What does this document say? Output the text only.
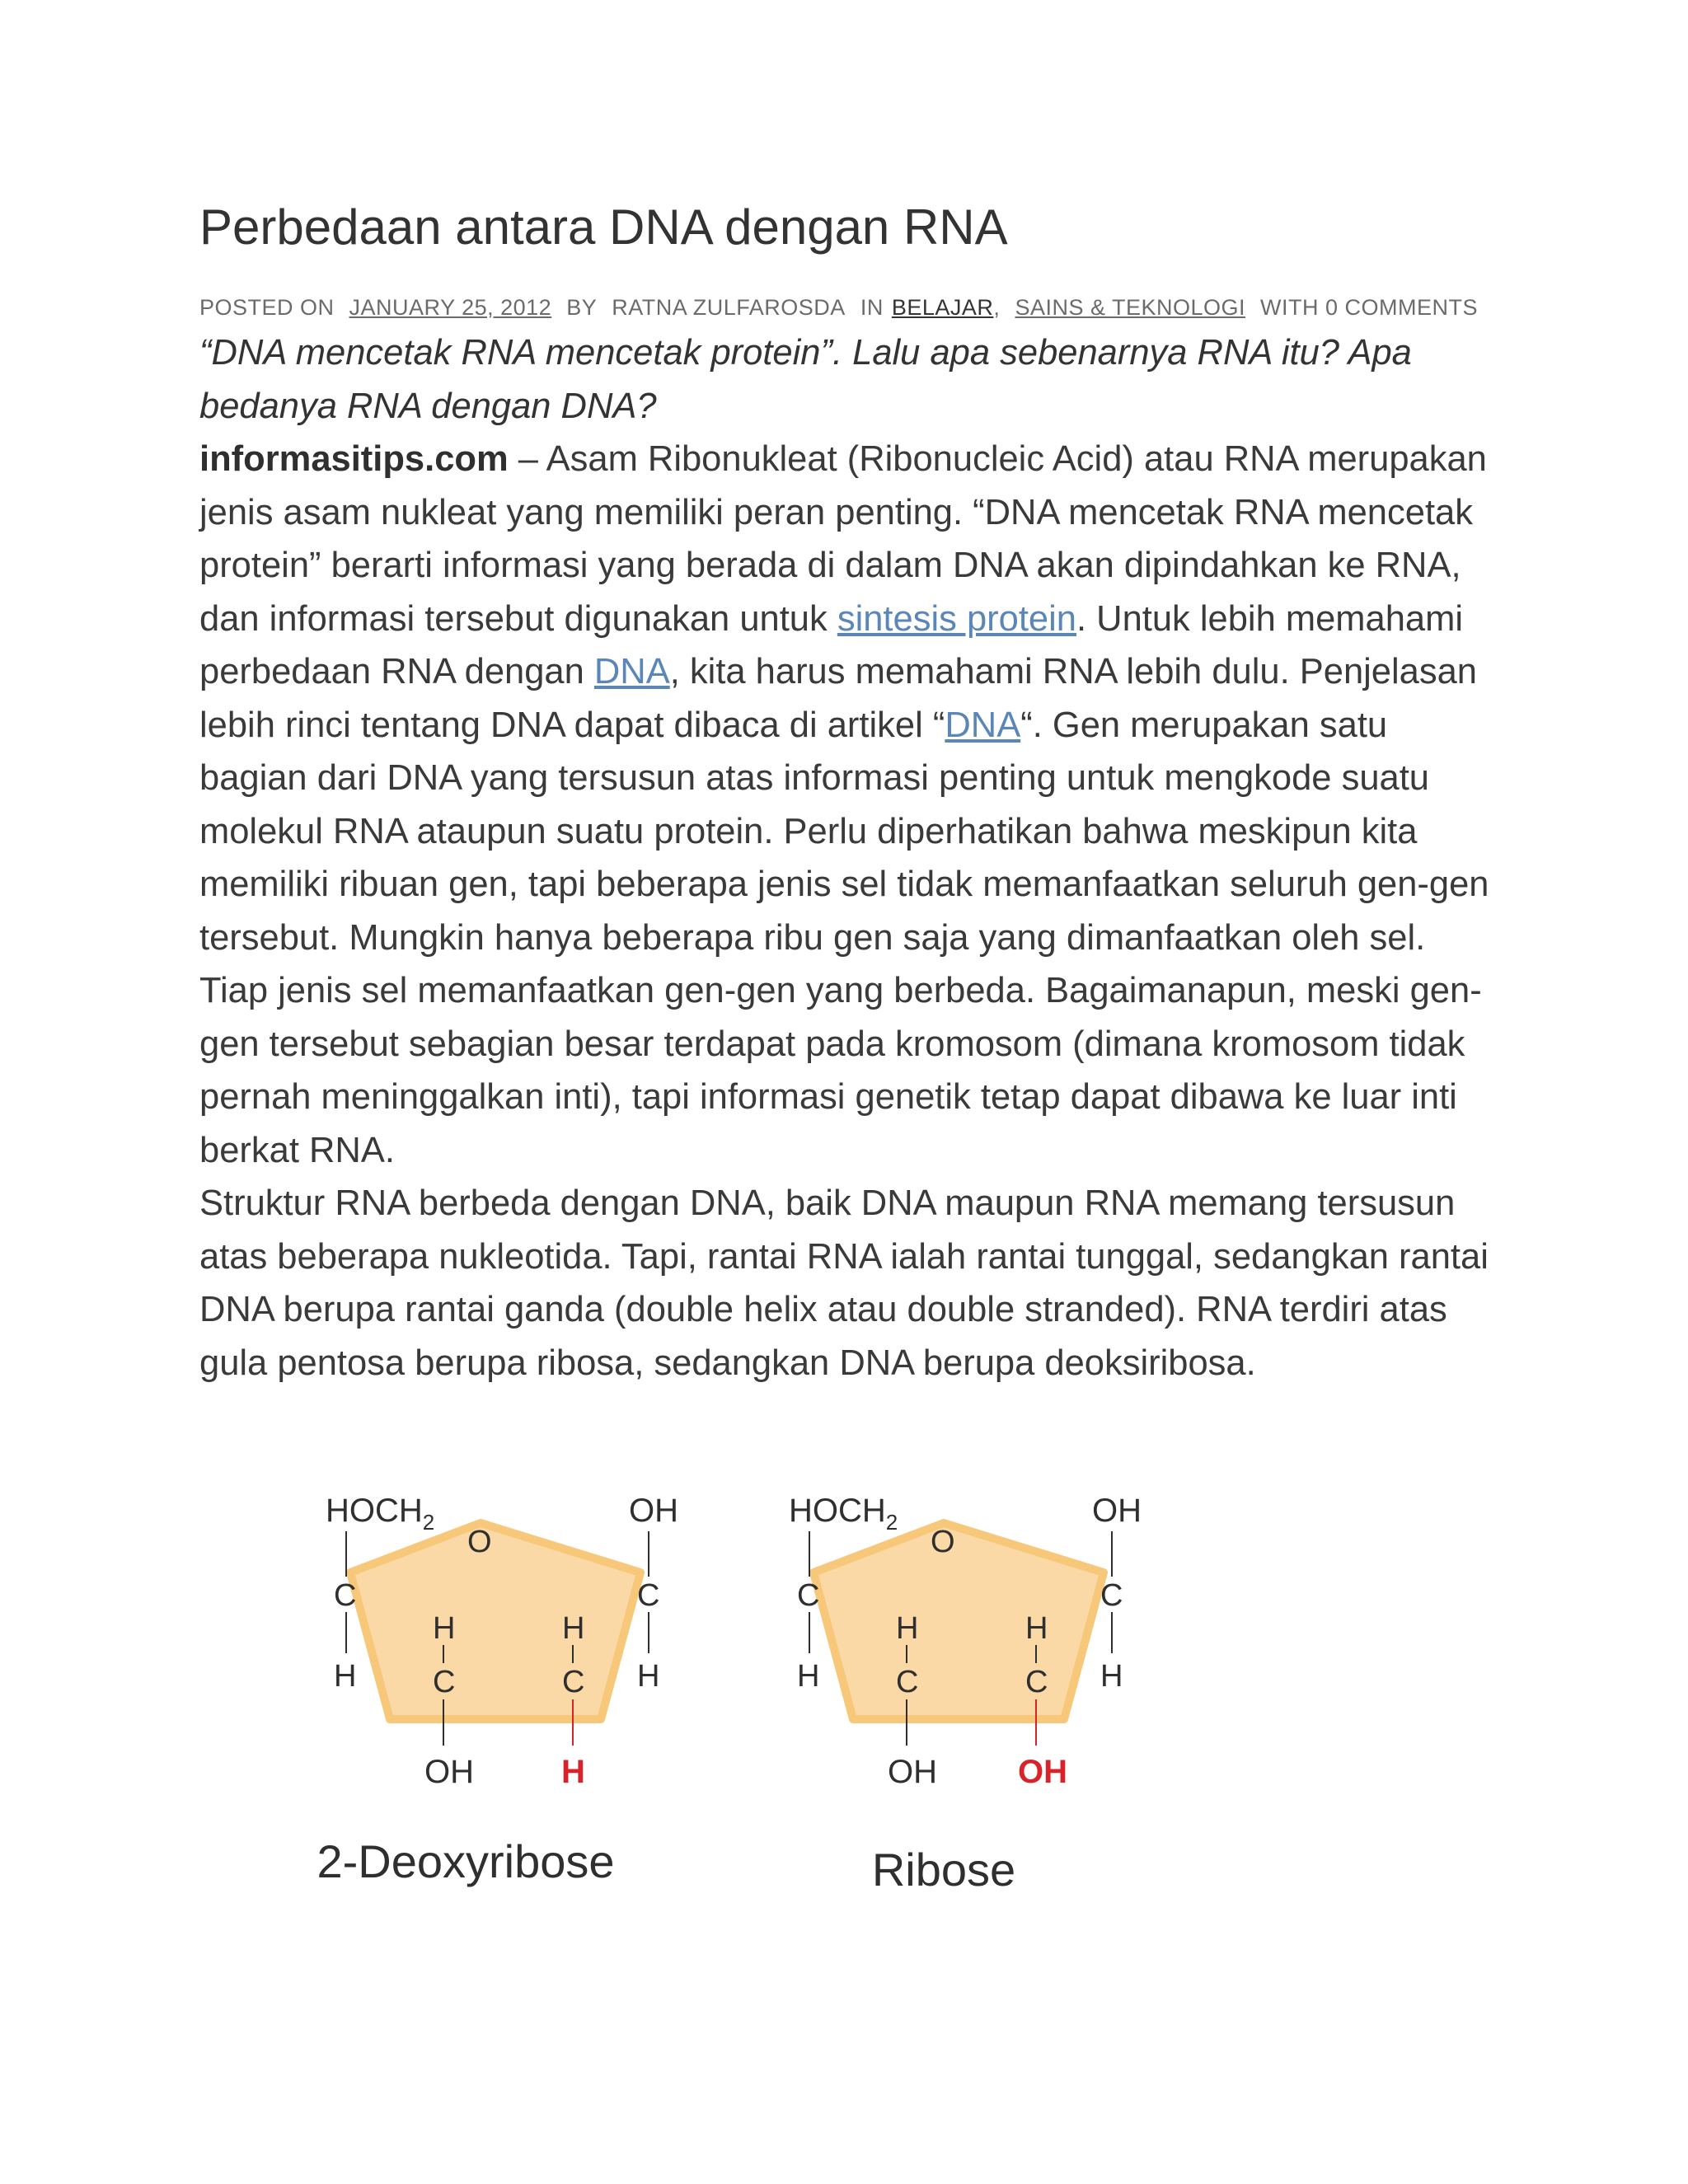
Perbedaan antara DNA dengan RNA
POSTED ON JANUARY 25, 2012 BY RATNA ZULFAROSDA IN BELAJAR, SAINS & TEKNOLOGI WITH 0 COMMENTS

“DNA mencetak RNA mencetak protein”. Lalu apa sebenarnya RNA itu? Apa bedanya RNA dengan DNA?

informasitips.com – Asam Ribonukleat (Ribonucleic Acid) atau RNA merupakan jenis asam nukleat yang memiliki peran penting. “DNA mencetak RNA mencetak protein” berarti informasi yang berada di dalam DNA akan dipindahkan ke RNA, dan informasi tersebut digunakan untuk sintesis protein. Untuk lebih memahami perbedaan RNA dengan DNA, kita harus memahami RNA lebih dulu. Penjelasan lebih rinci tentang DNA dapat dibaca di artikel “DNA“. Gen merupakan satu bagian dari DNA yang tersusun atas informasi penting untuk mengkode suatu molekul RNA ataupun suatu protein. Perlu diperhatikan bahwa meskipun kita memiliki ribuan gen, tapi beberapa jenis sel tidak memanfaatkan seluruh gen-gen tersebut. Mungkin hanya beberapa ribu gen saja yang dimanfaatkan oleh sel. Tiap jenis sel memanfaatkan gen-gen yang berbeda. Bagaimanapun, meski gen-gen tersebut sebagian besar terdapat pada kromosom (dimana kromosom tidak pernah meninggalkan inti), tapi informasi genetik tetap dapat dibawa ke luar inti berkat RNA.

Struktur RNA berbeda dengan DNA, baik DNA maupun RNA memang tersusun atas beberapa nukleotida. Tapi, rantai RNA ialah rantai tunggal, sedangkan rantai DNA berupa rantai ganda (double helix atau double stranded). RNA terdiri atas gula pentosa berupa ribosa, sedangkan DNA berupa deoksiribosa.

O
$HOCH_2$
C
H
OH
C
H
H
C
OH
H
C
H
2-Deoxyribose
O
$HOCH_2$
C
H
OH
C
H
H
C
OH
H
C
OH
Ribose
